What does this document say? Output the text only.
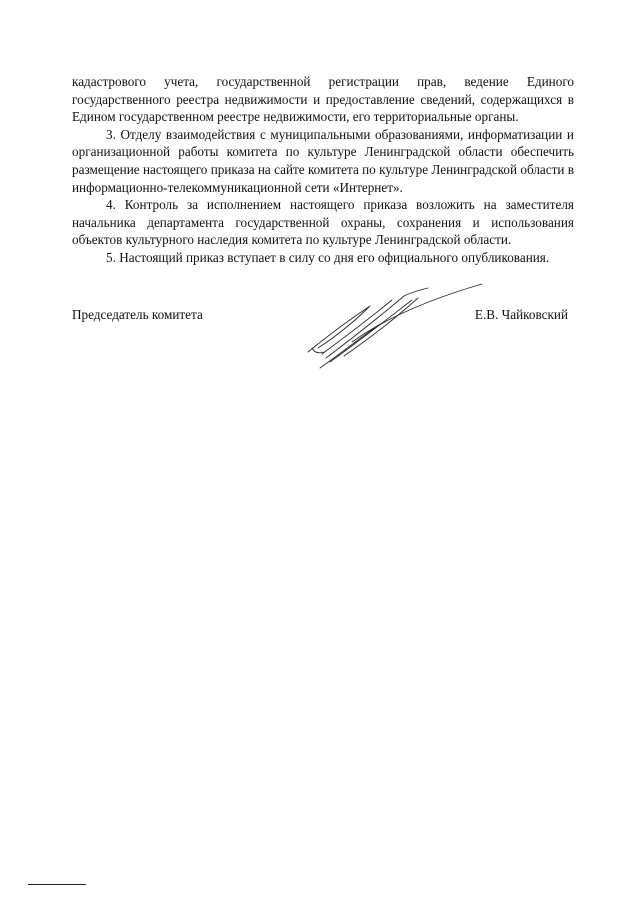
кадастрового учета, государственной регистрации прав, ведение Единого государственного реестра недвижимости и предоставление сведений, содержащихся в Едином государственном реестре недвижимости, его территориальные органы.

3. Отделу взаимодействия с муниципальными образованиями, информатизации и организационной работы комитета по культуре Ленинградской области обеспечить размещение настоящего приказа на сайте комитета по культуре Ленинградской области в информационно-телекоммуникационной сети «Интернет».

4. Контроль за исполнением настоящего приказа возложить на заместителя начальника департамента государственной охраны, сохранения и использования объектов культурного наследия комитета по культуре Ленинградской области.

5. Настоящий приказ вступает в силу со дня его официального опубликования.

Председатель комитета	Е.В. Чайковский
